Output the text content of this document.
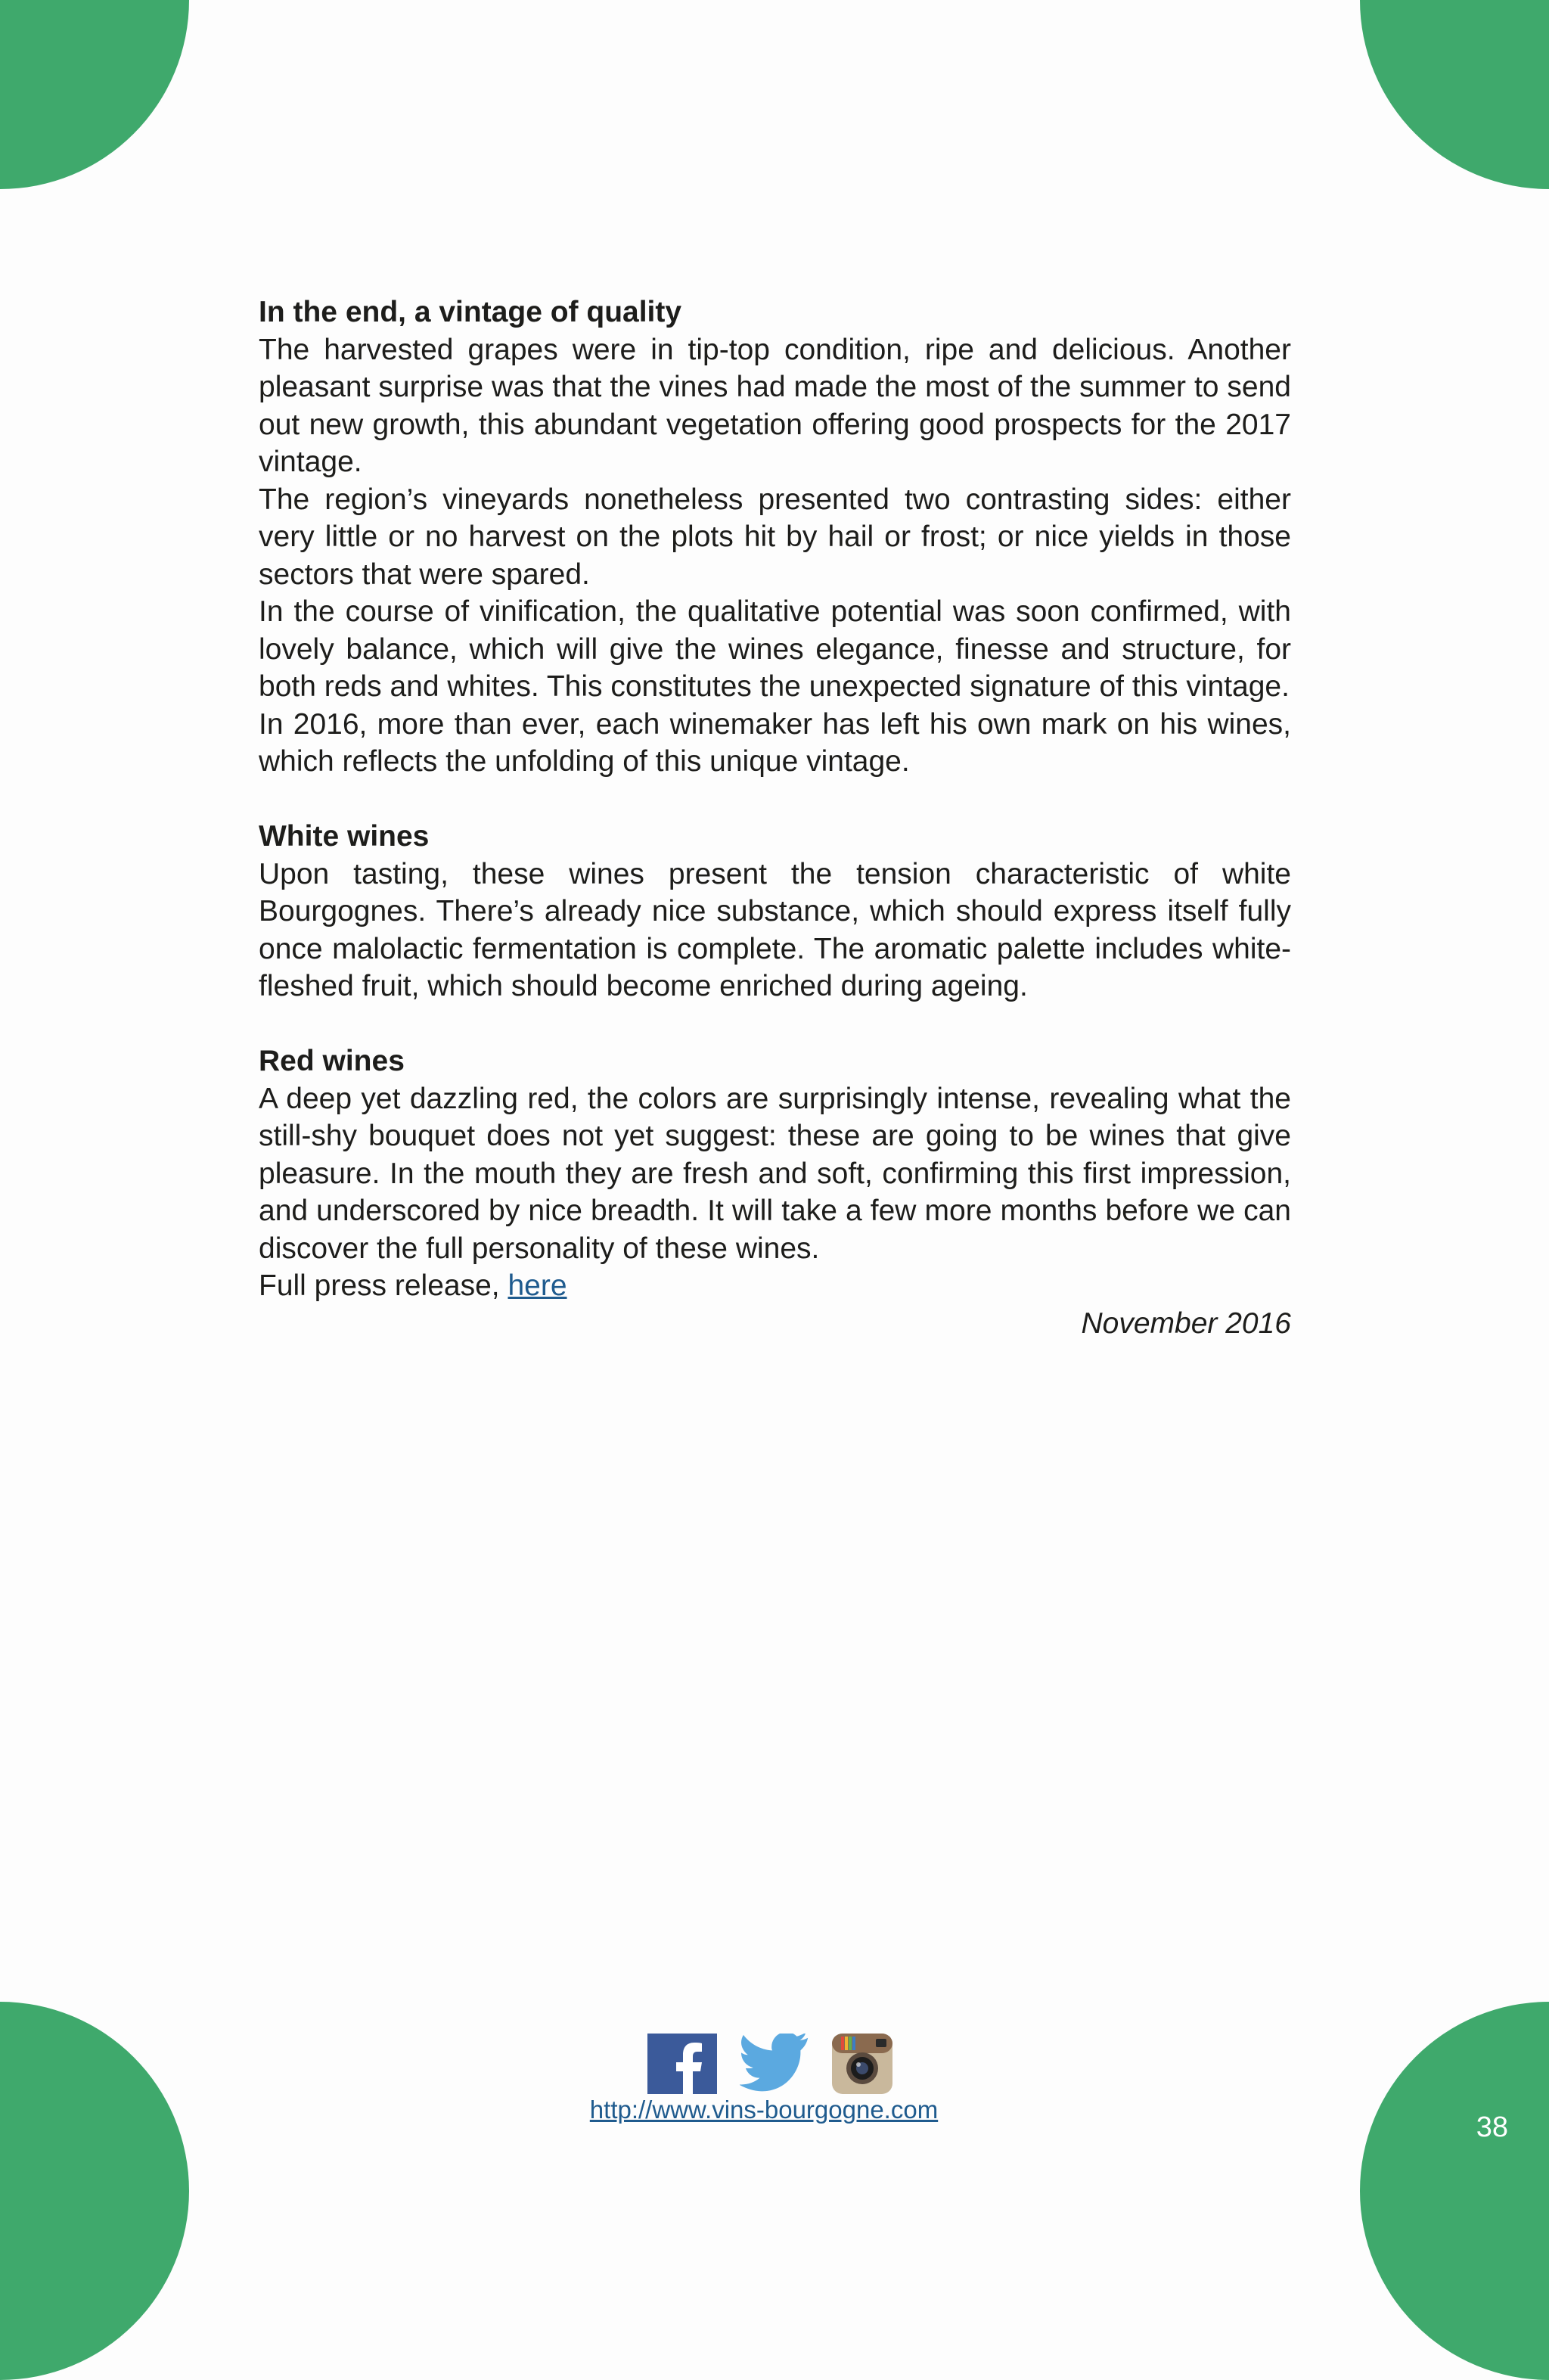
In the end, a vintage of quality

The harvested grapes were in tip-top condition, ripe and delicious. Another pleasant surprise was that the vines had made the most of the summer to send out new growth, this abundant vegetation offering good prospects for the 2017 vintage.

The region’s vineyards nonetheless presented two contrasting sides: either very little or no harvest on the plots hit by hail or frost; or nice yields in those sectors that were spared.

In the course of vinification, the qualitative potential was soon confirmed, with lovely balance, which will give the wines elegance, finesse and structure, for both reds and whites. This constitutes the unexpected signature of this vintage.

In 2016, more than ever, each winemaker has left his own mark on his wines, which reflects the unfolding of this unique vintage.

White wines

Upon tasting, these wines present the tension characteristic of white Bourgognes. There’s already nice substance, which should express itself fully once malolactic fermentation is complete. The aromatic palette includes white-fleshed fruit, which should become enriched during ageing.

Red wines

A deep yet dazzling red, the colors are surprisingly intense, revealing what the still-shy bouquet does not yet suggest: these are going to be wines that give pleasure. In the mouth they are fresh and soft, confirming this first impression, and underscored by nice breadth. It will take a few more months before we can discover the full personality of these wines.

Full press release, here

November 2016

http://www.vins-bourgogne.com
38
